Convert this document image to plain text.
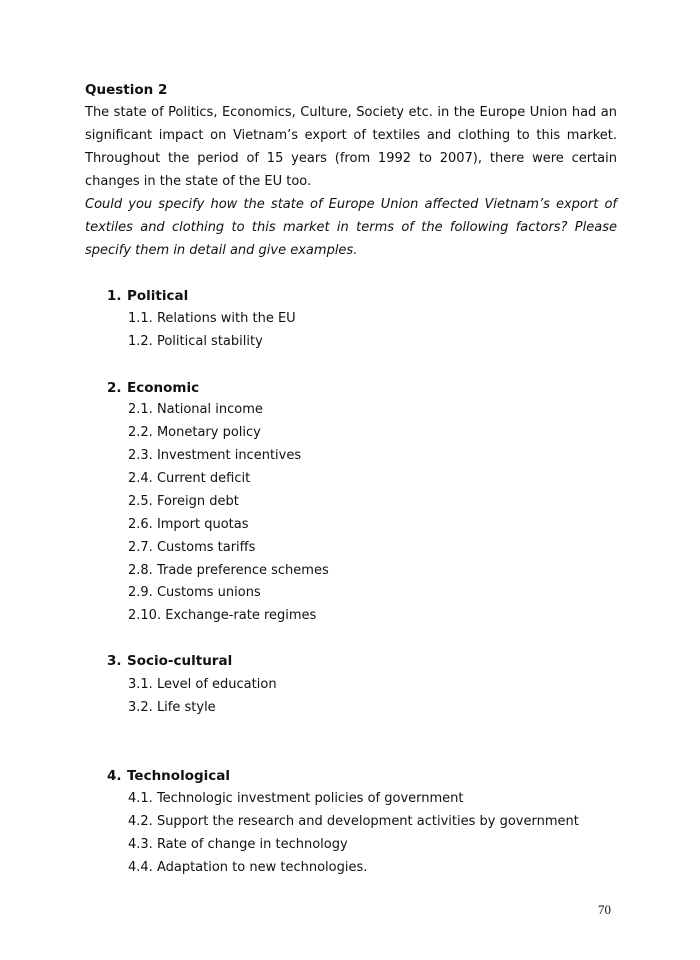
Question 2
The state of Politics, Economics, Culture, Society etc. in the Europe Union had an significant impact on Vietnam’s export of textiles and clothing to this market. Throughout the period of 15 years (from 1992 to 2007), there were certain changes in the state of the EU too.
Could you specify how the state of Europe Union affected Vietnam’s export of textiles and clothing to this market in terms of the following factors? Please specify them in detail and give examples.
1. Political
1.1. Relations with the EU
1.2. Political stability
2. Economic
2.1. National income
2.2. Monetary policy
2.3. Investment incentives
2.4. Current deficit
2.5. Foreign debt
2.6. Import quotas
2.7. Customs tariffs
2.8. Trade preference schemes
2.9. Customs unions
2.10. Exchange-rate regimes
3. Socio-cultural
3.1. Level of education
3.2. Life style
4. Technological
4.1. Technologic investment policies of government
4.2. Support the research and development activities by government
4.3. Rate of change in technology
4.4. Adaptation to new technologies.
70
